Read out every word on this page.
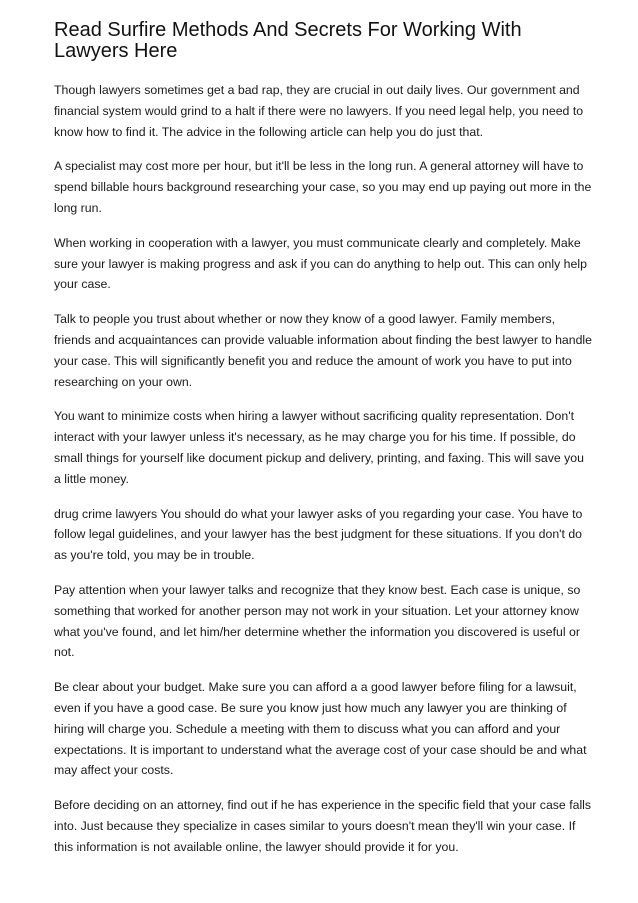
Read Surfire Methods And Secrets For Working With Lawyers Here

Though lawyers sometimes get a bad rap, they are crucial in out daily lives. Our government and financial system would grind to a halt if there were no lawyers. If you need legal help, you need to know how to find it. The advice in the following article can help you do just that.

A specialist may cost more per hour, but it'll be less in the long run. A general attorney will have to spend billable hours background researching your case, so you may end up paying out more in the long run.

When working in cooperation with a lawyer, you must communicate clearly and completely. Make sure your lawyer is making progress and ask if you can do anything to help out. This can only help your case.

Talk to people you trust about whether or now they know of a good lawyer. Family members, friends and acquaintances can provide valuable information about finding the best lawyer to handle your case. This will significantly benefit you and reduce the amount of work you have to put into researching on your own.

You want to minimize costs when hiring a lawyer without sacrificing quality representation. Don't interact with your lawyer unless it's necessary, as he may charge you for his time. If possible, do small things for yourself like document pickup and delivery, printing, and faxing. This will save you a little money.

drug crime lawyers You should do what your lawyer asks of you regarding your case. You have to follow legal guidelines, and your lawyer has the best judgment for these situations. If you don't do as you're told, you may be in trouble.

Pay attention when your lawyer talks and recognize that they know best. Each case is unique, so something that worked for another person may not work in your situation. Let your attorney know what you've found, and let him/her determine whether the information you discovered is useful or not.

Be clear about your budget. Make sure you can afford a a good lawyer before filing for a lawsuit, even if you have a good case. Be sure you know just how much any lawyer you are thinking of hiring will charge you. Schedule a meeting with them to discuss what you can afford and your expectations. It is important to understand what the average cost of your case should be and what may affect your costs.

Before deciding on an attorney, find out if he has experience in the specific field that your case falls into. Just because they specialize in cases similar to yours doesn't mean they'll win your case. If this information is not available online, the lawyer should provide it for you.
